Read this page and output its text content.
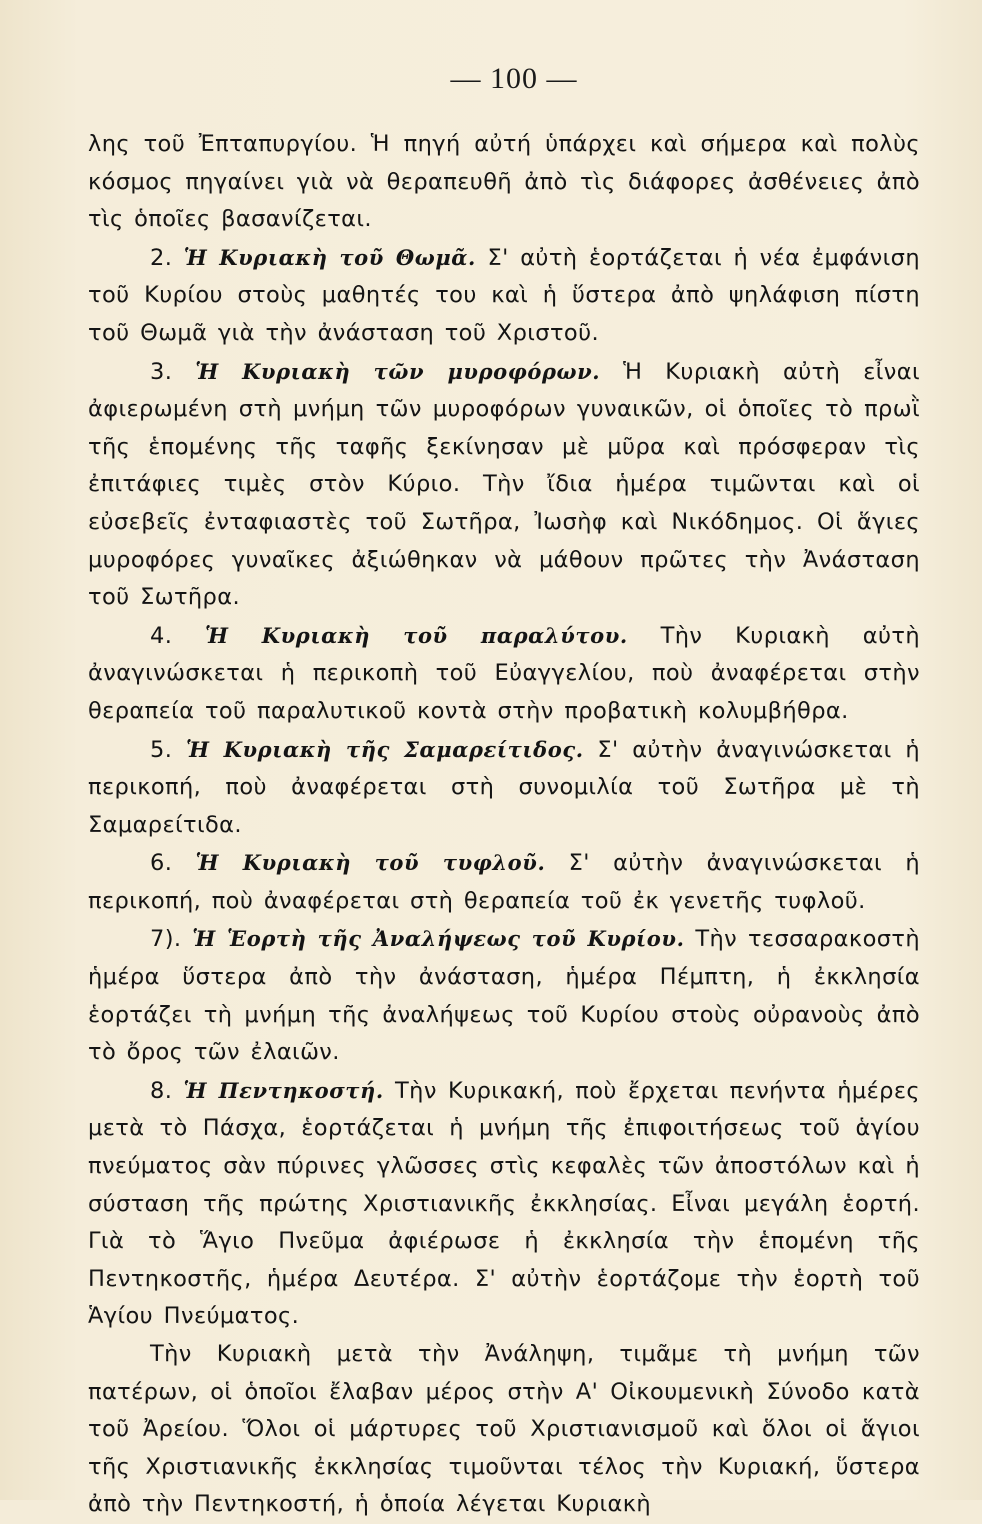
— 100 —

λης τοῦ Ἐπταπυργίου. Ἡ πηγή αὐτή ὑπάρχει καὶ σήμερα καὶ πολὺς κόσμος πηγαίνει γιὰ νὰ θεραπευθῆ ἀπὸ τὶς διάφορες ἀσθένειες ἀπὸ τὶς ὁποῖες βασανίζεται.

2. Ἡ Κυριακὴ τοῦ Θωμᾶ. Σ' αὐτὴ ἑορτάζεται ἡ νέα ἐμφάνιση τοῦ Κυρίου στοὺς μαθητές του καὶ ἡ ὕστερα ἀπὸ ψηλάφιση πίστη τοῦ Θωμᾶ γιὰ τὴν ἀνάσταση τοῦ Χριστοῦ.

3. Ἡ Κυριακὴ τῶν μυροφόρων. Ἡ Κυριακὴ αὐτὴ εἶναι ἀφιερωμένη στὴ μνήμη τῶν μυροφόρων γυναικῶν, οἱ ὁποῖες τὸ πρωῒ τῆς ἑπομένης τῆς ταφῆς ξεκίνησαν μὲ μῦρα καὶ πρόσφεραν τὶς ἐπιτάφιες τιμὲς στὸν Κύριο. Τὴν ἴδια ἡμέρα τιμῶνται καὶ οἱ εὐσεβεῖς ἐνταφιαστὲς τοῦ Σωτῆρα, Ἰωσὴφ καὶ Νικόδημος. Οἱ ἅγιες μυροφόρες γυναῖκες ἀξιώθηκαν νὰ μάθουν πρῶτες τὴν Ἀνάσταση τοῦ Σωτῆρα.

4. Ἡ Κυριακὴ τοῦ παραλύτου. Τὴν Κυριακὴ αὐτὴ ἀναγινώσκεται ἡ περικοπὴ τοῦ Εὐαγγελίου, ποὺ ἀναφέρεται στὴν θεραπεία τοῦ παραλυτικοῦ κοντὰ στὴν προβατικὴ κολυμβήθρα.

5. Ἡ Κυριακὴ τῆς Σαμαρείτιδος. Σ' αὐτὴν ἀναγινώσκεται ἡ περικοπή, ποὺ ἀναφέρεται στὴ συνομιλία τοῦ Σωτῆρα μὲ τὴ Σαμαρείτιδα.

6. Ἡ Κυριακὴ τοῦ τυφλοῦ. Σ' αὐτὴν ἀναγινώσκεται ἡ περικοπή, ποὺ ἀναφέρεται στὴ θεραπεία τοῦ ἐκ γενετῆς τυφλοῦ.

7). Ἡ Ἑορτὴ τῆς Ἀναλήψεως τοῦ Κυρίου. Τὴν τεσσαρακοστὴ ἡμέρα ὕστερα ἀπὸ τὴν ἀνάσταση, ἡμέρα Πέμπτη, ἡ ἐκκλησία ἑορτάζει τὴ μνήμη τῆς ἀναλήψεως τοῦ Κυρίου στοὺς οὐρανοὺς ἀπὸ τὸ ὄρος τῶν ἐλαιῶν.

8. Ἡ Πεντηκοστή. Τὴν Κυρικακή, ποὺ ἔρχεται πενήντα ἡμέρες μετὰ τὸ Πάσχα, ἑορτάζεται ἡ μνήμη τῆς ἐπιφοιτήσεως τοῦ ἁγίου πνεύματος σὰν πύρινες γλῶσσες στὶς κεφαλὲς τῶν ἀποστόλων καὶ ἡ σύσταση τῆς πρώτης Χριστιανικῆς ἐκκλησίας. Εἶναι μεγάλη ἑορτή. Γιὰ τὸ Ἅγιο Πνεῦμα ἀφιέρωσε ἡ ἐκκλησία τὴν ἑπομένη τῆς Πεντηκοστῆς, ἡμέρα Δευτέρα. Σ' αὐτὴν ἑορτάζομε τὴν ἑορτὴ τοῦ Ἁγίου Πνεύματος.

Τὴν Κυριακὴ μετὰ τὴν Ἀνάληψη, τιμᾶμε τὴ μνήμη τῶν πατέρων, οἱ ὁποῖοι ἔλαβαν μέρος στὴν Α' Οἰκουμενικὴ Σύνοδο κατὰ τοῦ Ἀρείου. Ὅλοι οἱ μάρτυρες τοῦ Χριστιανισμοῦ καὶ ὅλοι οἱ ἅγιοι τῆς Χριστιανικῆς ἐκκλησίας τιμοῦνται τέλος τὴν Κυριακή, ὕστερα ἀπὸ τὴν Πεντηκοστή, ἡ ὁποία λέγεται Κυριακὴ
